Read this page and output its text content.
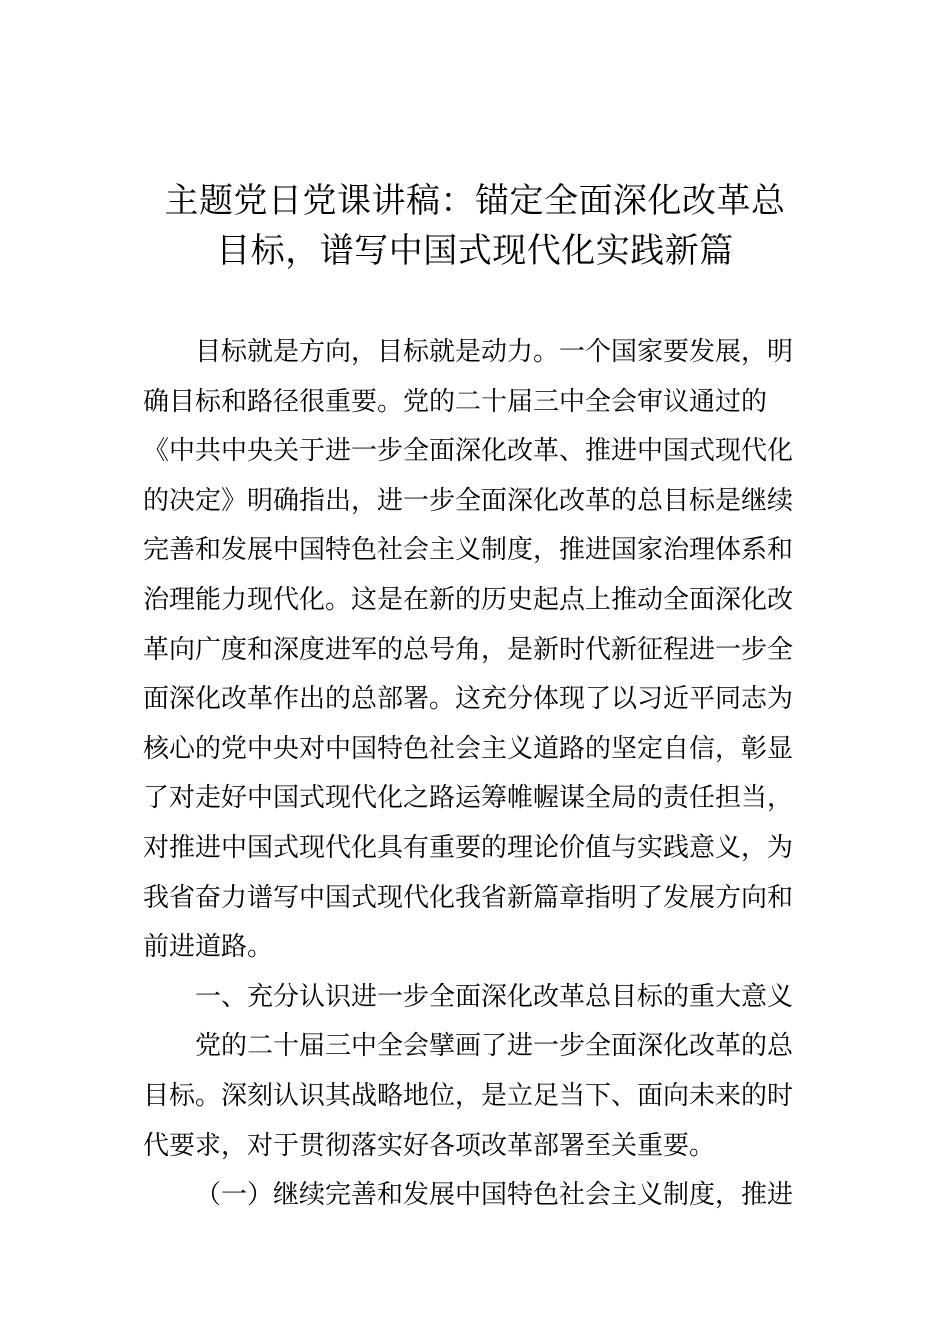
主题党日党课讲稿：锚定全面深化改革总
目标，谱写中国式现代化实践新篇
目标就是方向，目标就是动力。一个国家要发展，明
确目标和路径很重要。党的二十届三中全会审议通过的
《中共中央关于进一步全面深化改革、推进中国式现代化
的决定》明确指出，进一步全面深化改革的总目标是继续
完善和发展中国特色社会主义制度，推进国家治理体系和
治理能力现代化。这是在新的历史起点上推动全面深化改
革向广度和深度进军的总号角，是新时代新征程进一步全
面深化改革作出的总部署。这充分体现了以习近平同志为
核心的党中央对中国特色社会主义道路的坚定自信，彰显
了对走好中国式现代化之路运筹帷幄谋全局的责任担当，
对推进中国式现代化具有重要的理论价值与实践意义，为
我省奋力谱写中国式现代化我省新篇章指明了发展方向和
前进道路。
一、充分认识进一步全面深化改革总目标的重大意义
党的二十届三中全会擘画了进一步全面深化改革的总
目标。深刻认识其战略地位，是立足当下、面向未来的时
代要求，对于贯彻落实好各项改革部署至关重要。
（一）继续完善和发展中国特色社会主义制度，推进
